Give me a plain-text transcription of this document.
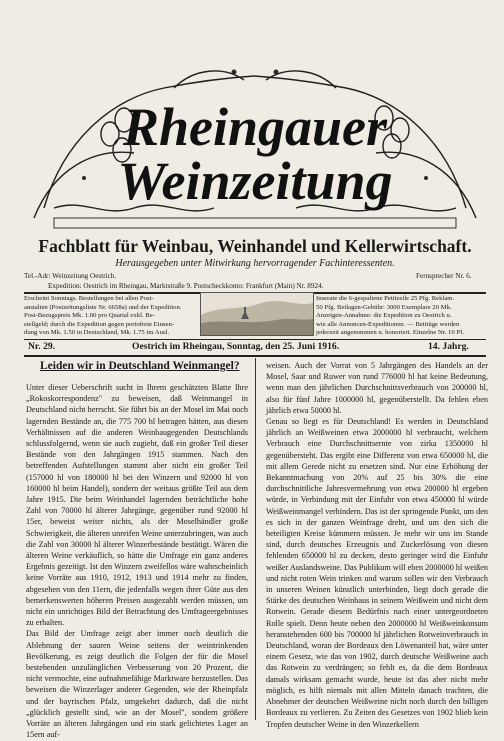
Rheingauer Weinzeitung
Fachblatt für Weinbau, Weinhandel und Kellerwirtschaft.
Herausgegeben unter Mitwirkung hervorragender Fachinteressenten.
Tel.-Adr: Weinzeitung Oestrich.	Fernsprecher Nr. 6.
Expedition: Oestrich im Rheingau, Marktstraße 9. Postscheckkonto: Frankfurt (Main) Nr. 8924.
Erscheint Sonntags. Bestellungen bei allen Post-
anstalten (Postzeitungsliste Nr. 6658a) und der Expedition.
Post-Bezugspreis Mk. 1.00 pro Quartal exkl. Be-
stellgeld; durch die Expedition gegen portofreie Einsen-
dung von Mk. 1.50 in Deutschland, Mk. 1.75 im Ausl.
Inserate die 6-gespaltene Petitzeile 25 Pfg. Reklam.
50 Pfg. Beilagen-Gebühr: 3000 Exemplare 20 Mk.
Anzeigen-Annahme: die Expedition zu Oestrich u.
wie alle Annoncen-Expeditionen. — Beiträge werden
jederzeit angenommen u. honoriert. Einzelne Nr. 10 Pf.
Nr. 29.	Oestrich im Rheingau, Sonntag, den 25. Juni 1916.	14. Jahrg.
Leiden wir in Deutschland Weinmangel?
Unter dieser Ueberschrift sucht in Ihrem geschätzten Blatte Ihre „Rokoskorrespondenz" zu beweisen, daß Weinmangel in Deutschland nicht herrscht. Sie führt bis an der Mosel im Mai noch lagernden Bestände an, die 775 700 hl betragen hätten, aus diesen Verhältnissen auf die anderen Weinbaugegenden Deutschlands schlussfolgernd, wenn sie auch zugiebt, daß ein großer Teil dieser Bestände von den Jahrgängen 1915 stammen. Nach den betreffenden Aufstellungen stammt aber nicht ein großer Teil (157000 hl von 180000 hl bei den Winzern und 92000 hl von 160000 hl beim Handel), sondern der weitaus größte Teil aus dem Jahre 1915. Die beim Weinhandel lagernden beträchtliche hohe Zahl von 70000 hl älterer Jahrgänge, gegenüber rund 92000 hl 15er, beweist weiter nichts, als der Moselhändler große Schwierigkeit, die älteren unreifen Weine unterzubringen, was auch die Zahl von 30000 hl älterer Winzerbestände bestätigt. Wären die älteren Weine verkäuflich, so hätte die Umfrage ein ganz anderes Ergebnis gezeitigt. Ist den Winzern zweifellos wäre wahrscheinlich keine Vorräte aus 1910, 1912, 1913 und 1914 mehr zu finden, abgesehen von den 11ern, die jedenfalls wegen ihrer Güte aus den bemerkenswerten höheren Preisen ausgezahlt werden müssen, um nicht ein unrichtiges Bild der Betrachtung des Umfrageergebnisses zu erhalten.
Das Bild der Umfrage zeigt aber immer noch deutlich die Ablehnung der sauren Weine seitens der weintrinkenden Bevölkerung, es zeigt deutlich die Folgen der für die Mosel bestehenden unzulänglichen Verbesserung von 20 Prozent, die nicht vermochte, eine aufnahmefähige Marktware herzustellen. Das beweisen die Winzerlager anderer Gegenden, wie der Rheinpfalz und der bayrischen Pfalz, umgekehrt dadurch, daß die nicht „glücklich gestellt sind, wie an der Mosel", sondern größere Vorräte an älteren Jahrgängen und ein stark gelichtetes Lager an 15ern auf-
weisen. Auch der Vorrat von 5 Jahrgängen des Handels an der Mosel, Saar und Ruwer von rund 776000 hl hat keine Bedeutung, wenn man den jährlichen Durchschnittsverbrauch von 200000 hl, also für fünf Jahre 1000000 hl, gegenüberstellt. Da fehlen eben jährlich etwa 50000 hl.
Genau so liegt es für Deutschland! Es werden in Deutschland jährlich an Weißweinen etwa 2000000 hl verbraucht, welchem Verbrauch eine Durchschnittsernte von zirka 1350000 hl gegenübersteht. Das ergibt eine Differenz von etwa 650000 hl, die mit allem Gerede nicht zu ersetzen sind. Nur eine Erhöhung der Bekanntmachung von 20% auf 25 bis 30% die eine durchschnittliche Jahresvermehrung von etwa 200000 hl ergeben würde, in Verbindung mit der Einfuhr von etwa 450000 hl würde Weißweinmangel verhindern. Das ist der springende Punkt, um den es sich in der ganzen Weinfrage dreht, und um den sich die beteiligten Kreise kümmern müssen. Je mehr wir uns im Stande sind, durch deutsches Erzeugnis und Zuckerlösung von diesen fehlenden 650000 hl zu decken, desto geringer wird die Einfuhr weißer Auslandsweine. Das Publikum will eben 2000000 hl weißen und nicht roten Wein trinken und warum sollen wir den Verbrauch in unseren Weinen künstlich unterbinden, liegt doch gerade die Stärke des deutschen Weinbaus in seinem Weißwein und nicht dem Rotwein. Gerade diesem Bedürfnis nach einer untergeordneten Rolle spielt. Denn heute neben den 2000000 hl Weißweinkonsum heranstehenden 600 bis 700000 hl jährlichen Rotweinverbrauch in Deutschland, woran der Bordeaux den Löwenanteil hat, wäre unter einem Gesetz, wie das von 1902, durch deutsche Weißweine auch das Rotwein zu verdrängen; so fehlt es, da die dem Bordeaux damals wirksam gemacht wurde, heute ist das aber nicht mehr möglich, es hilft niemals mit allen Mitteln danach trachten, die Abnehmer der deutschen Weißweine nicht noch durch den billigen Bordeaux zu verlieren. Zu Zeiten des Gesetzes von 1902 blieb kein Tropfen deutscher Weine in den Winzerkellern
